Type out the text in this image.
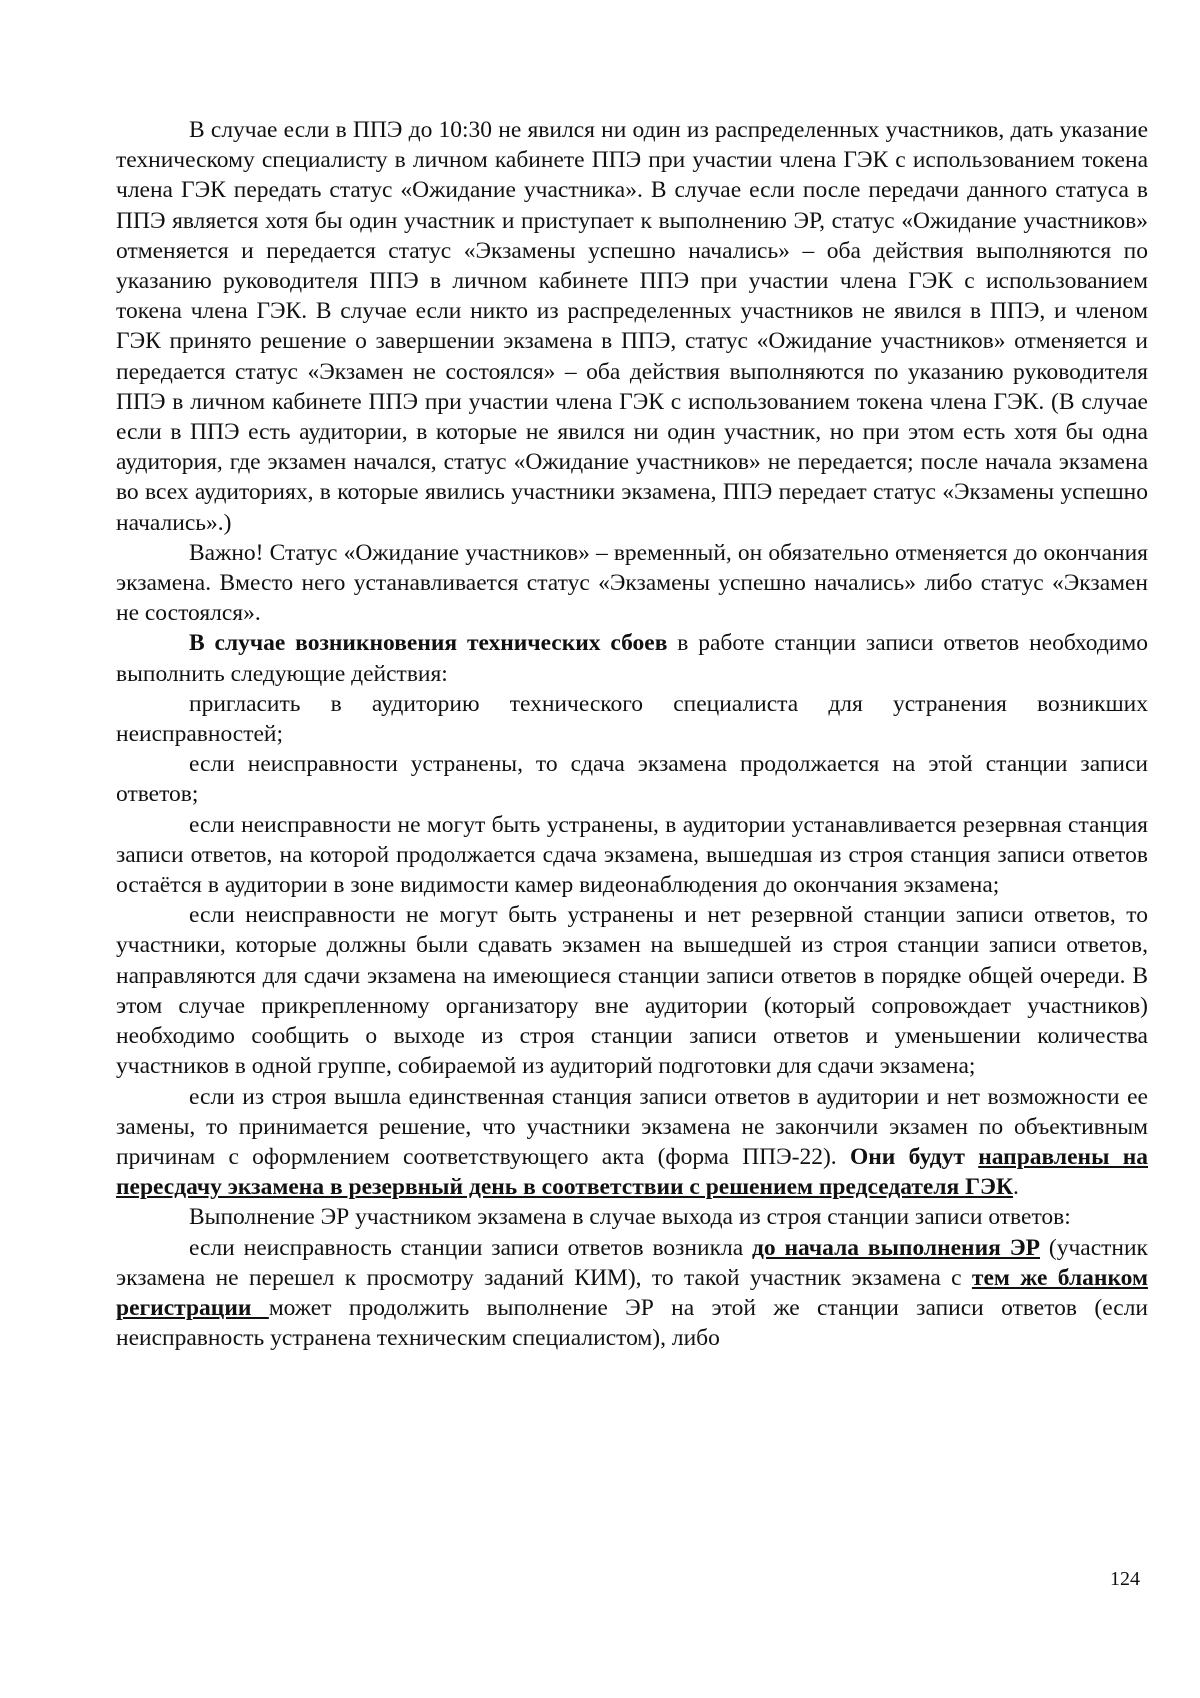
В случае если в ППЭ до 10:30 не явился ни один из распределенных участников, дать указание техническому специалисту в личном кабинете ППЭ при участии члена ГЭК с использованием токена члена ГЭК передать статус «Ожидание участника». В случае если после передачи данного статуса в ППЭ является хотя бы один участник и приступает к выполнению ЭР, статус «Ожидание участников» отменяется и передается статус «Экзамены успешно начались» – оба действия выполняются по указанию руководителя ППЭ в личном кабинете ППЭ при участии члена ГЭК с использованием токена члена ГЭК. В случае если никто из распределенных участников не явился в ППЭ, и членом ГЭК принято решение о завершении экзамена в ППЭ, статус «Ожидание участников» отменяется и передается статус «Экзамен не состоялся» – оба действия выполняются по указанию руководителя ППЭ в личном кабинете ППЭ при участии члена ГЭК с использованием токена члена ГЭК. (В случае если в ППЭ есть аудитории, в которые не явился ни один участник, но при этом есть хотя бы одна аудитория, где экзамен начался, статус «Ожидание участников» не передается; после начала экзамена во всех аудиториях, в которые явились участники экзамена, ППЭ передает статус «Экзамены успешно начались».)

Важно! Статус «Ожидание участников» – временный, он обязательно отменяется до окончания экзамена. Вместо него устанавливается статус «Экзамены успешно начались» либо статус «Экзамен не состоялся».

В случае возникновения технических сбоев в работе станции записи ответов необходимо выполнить следующие действия:

пригласить в аудиторию технического специалиста для устранения возникших неисправностей;

если неисправности устранены, то сдача экзамена продолжается на этой станции записи ответов;

если неисправности не могут быть устранены, в аудитории устанавливается резервная станция записи ответов, на которой продолжается сдача экзамена, вышедшая из строя станция записи ответов остаётся в аудитории в зоне видимости камер видеонаблюдения до окончания экзамена;

если неисправности не могут быть устранены и нет резервной станции записи ответов, то участники, которые должны были сдавать экзамен на вышедшей из строя станции записи ответов, направляются для сдачи экзамена на имеющиеся станции записи ответов в порядке общей очереди. В этом случае прикрепленному организатору вне аудитории (который сопровождает участников) необходимо сообщить о выходе из строя станции записи ответов и уменьшении количества участников в одной группе, собираемой из аудиторий подготовки для сдачи экзамена;

если из строя вышла единственная станция записи ответов в аудитории и нет возможности ее замены, то принимается решение, что участники экзамена не закончили экзамен по объективным причинам с оформлением соответствующего акта (форма ППЭ-22). Они будут направлены на пересдачу экзамена в резервный день в соответствии с решением председателя ГЭК.

Выполнение ЭР участником экзамена в случае выхода из строя станции записи ответов:

если неисправность станции записи ответов возникла до начала выполнения ЭР (участник экзамена не перешел к просмотру заданий КИМ), то такой участник экзамена с тем же бланком регистрации может продолжить выполнение ЭР на этой же станции записи ответов (если неисправность устранена техническим специалистом), либо

124
